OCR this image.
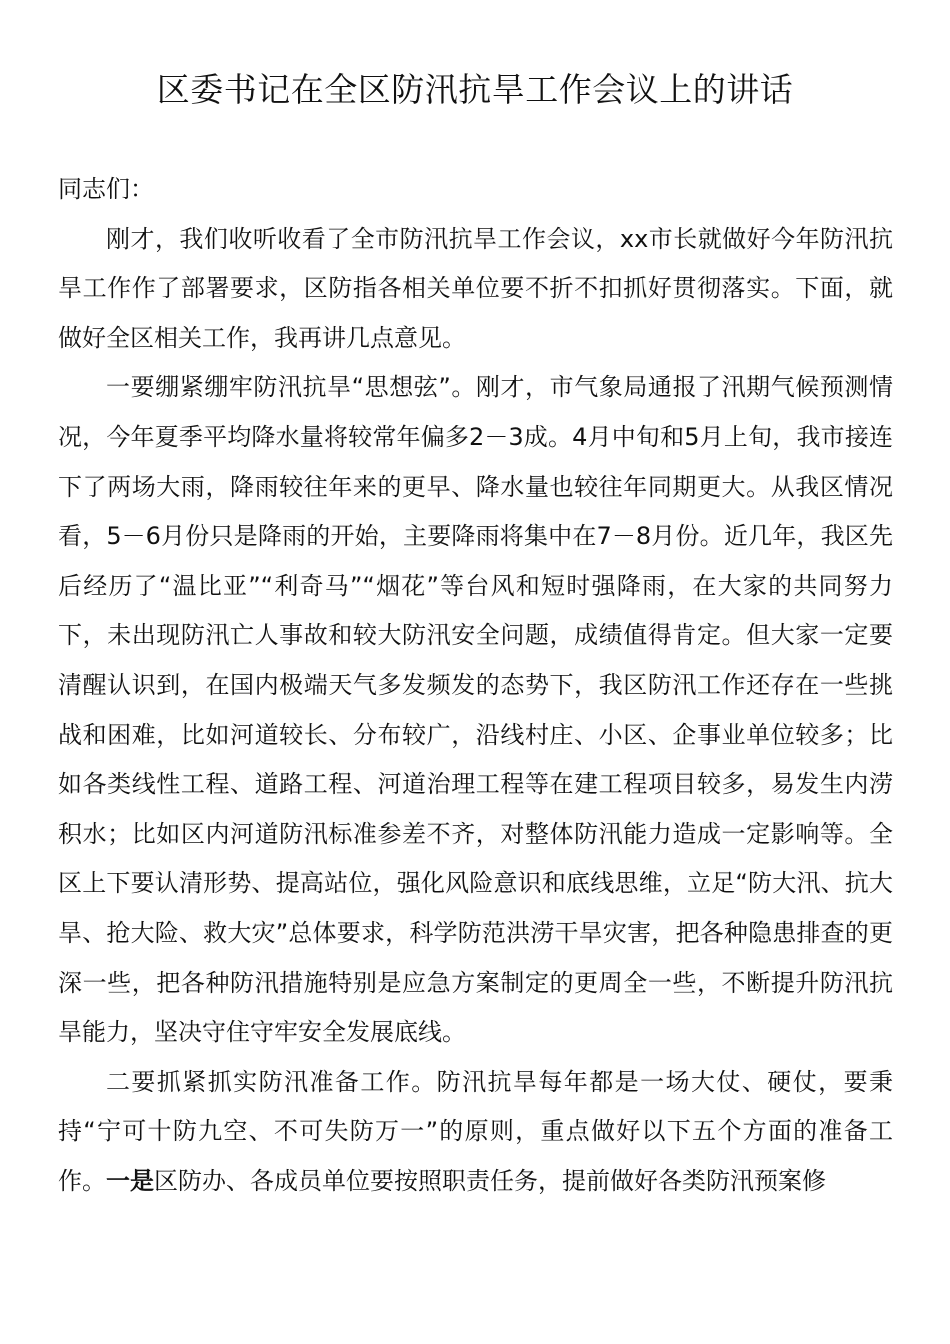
区委书记在全区防汛抗旱工作会议上的讲话

同志们：

刚才，我们收听收看了全市防汛抗旱工作会议，xx市长就做好今年防汛抗旱工作作了部署要求，区防指各相关单位要不折不扣抓好贯彻落实。下面，就做好全区相关工作，我再讲几点意见。

一要绷紧绷牢防汛抗旱“思想弦”。刚才，市气象局通报了汛期气候预测情况，今年夏季平均降水量将较常年偏多2－3成。4月中旬和5月上旬，我市接连下了两场大雨，降雨较往年来的更早、降水量也较往年同期更大。从我区情况看，5－6月份只是降雨的开始，主要降雨将集中在7－8月份。近几年，我区先后经历了“温比亚”“利奇马”“烟花”等台风和短时强降雨，在大家的共同努力下，未出现防汛亡人事故和较大防汛安全问题，成绩值得肯定。但大家一定要清醒认识到，在国内极端天气多发频发的态势下，我区防汛工作还存在一些挑战和困难，比如河道较长、分布较广，沿线村庄、小区、企事业单位较多；比如各类线性工程、道路工程、河道治理工程等在建工程项目较多，易发生内涝积水；比如区内河道防汛标准参差不齐，对整体防汛能力造成一定影响等。全区上下要认清形势、提高站位，强化风险意识和底线思维，立足“防大汛、抗大旱、抢大险、救大灾”总体要求，科学防范洪涝干旱灾害，把各种隐患排查的更深一些，把各种防汛措施特别是应急方案制定的更周全一些，不断提升防汛抗旱能力，坚决守住守牢安全发展底线。

二要抓紧抓实防汛准备工作。防汛抗旱每年都是一场大仗、硬仗，要秉持“宁可十防九空、不可失防万一”的原则，重点做好以下五个方面的准备工作。一是区防办、各成员单位要按照职责任务，提前做好各类防汛预案修
